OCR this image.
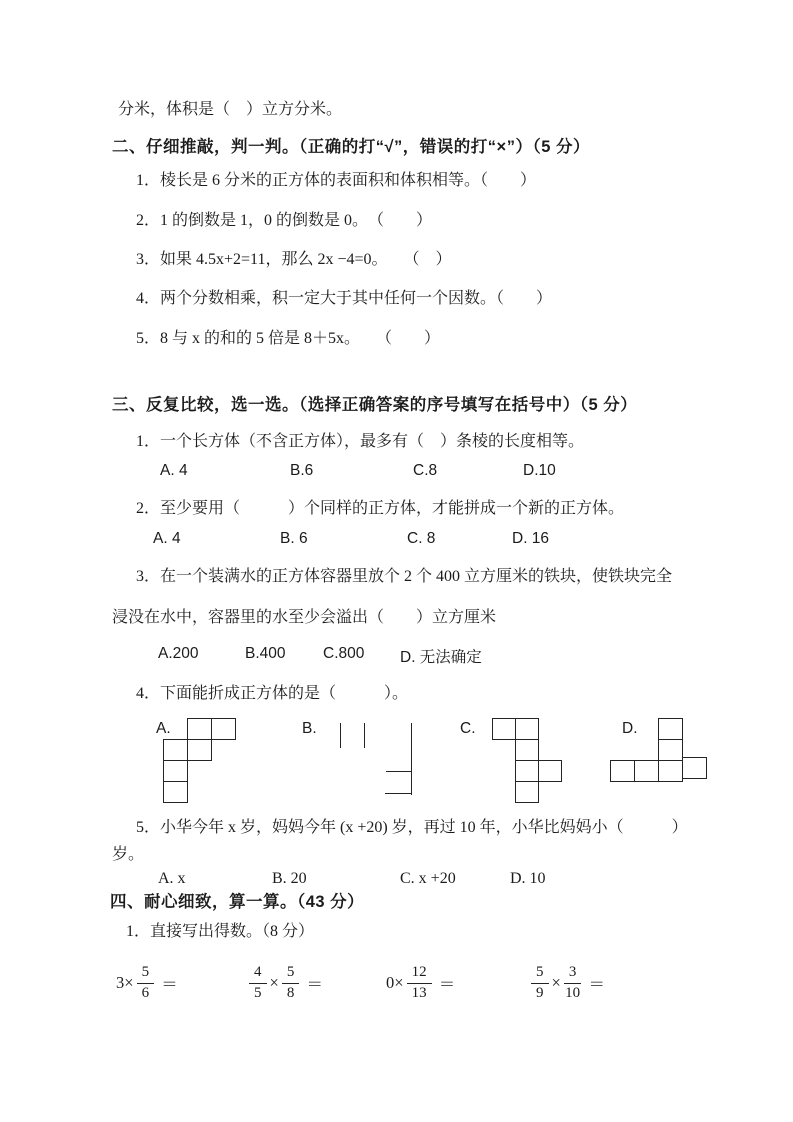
分米，体积是（　）立方分米。
二、仔细推敲，判一判。（正确的打“√”，错误的打“×”）（5 分）
1．棱长是 6 分米的正方体的表面积和体积相等。（　　）
2．1 的倒数是 1，0 的倒数是 0。　（　　）
3．如果 4.5x+2=11，那么 2x −4=0。　　（　）
4．两个分数相乘，积一定大于其中任何一个因数。（　　）
5．8 与 x 的和的 5 倍是 8＋5x。　　（　　）
三、反复比较，选一选。（选择正确答案的序号填写在括号中）（5 分）
1．一个长方体（不含正方体），最多有（　）条棱的长度相等。
A. 4	B.6	C.8	D.10
2．至少要用（　　　）个同样的正方体，才能拼成一个新的正方体。
A. 4	B. 6	C. 8	D. 16
3．在一个装满水的正方体容器里放个 2 个 400 立方厘米的铁块，使铁块完全
浸没在水中，容器里的水至少会溢出（　　）立方厘米
A.200	B.400 C.800 D. 无法确定
4．下面能折成正方体的是（　　　）。
A.	B.	C.	D.
5．小华今年 x 岁，妈妈今年 (x +20) 岁，再过 10 年，小华比妈妈小（　　　）
岁。
A. x	B. 20	C. x +20	D. 10
四、耐心细致，算一算。（43 分）
1．直接写出得数。（8 分）
$3\times \frac{5}{6}$ ＝	$\frac{4}{5} \times \frac{5}{8}$ ＝	$0\times \frac{12}{13}$ ＝	$\frac{5}{9} \times \frac{3}{10}$ ＝
